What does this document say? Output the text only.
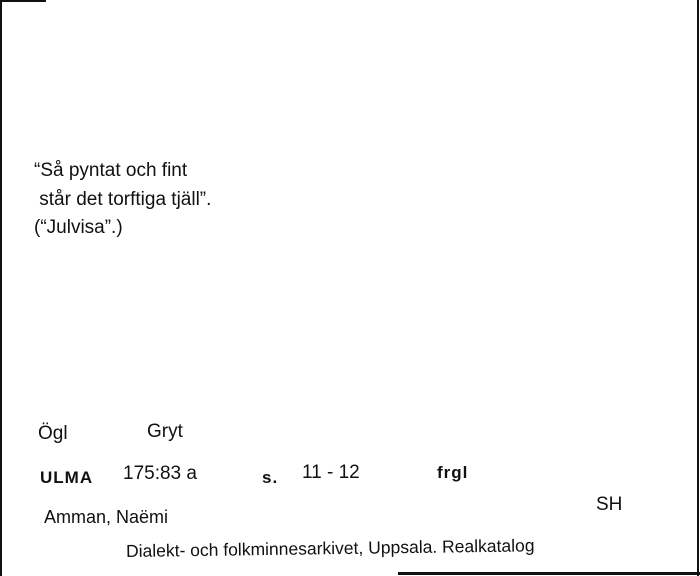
“Så pyntat och fint
står det torftiga tjäll”.
(“Julvisa”.)
Ögl	Gryt
ULMA 175:83 a	s. 11 - 12	frgl
Amman, Naëmi
SH
Dialekt- och folkminnesarkivet, Uppsala. Realkatalog
